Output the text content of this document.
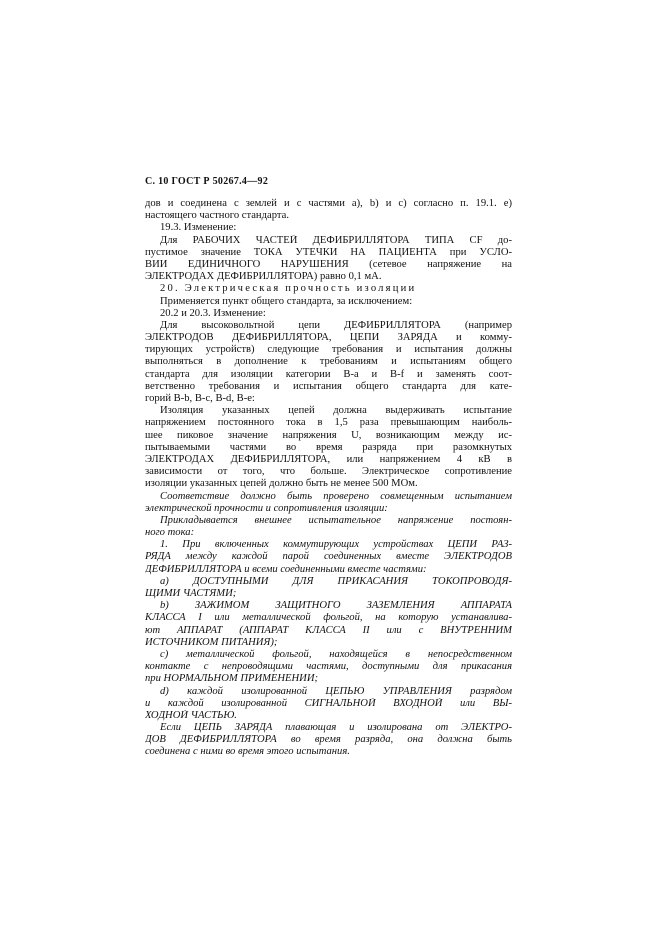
С. 10 ГОСТ Р 50267.4—92
дов и соединена с землей и с частями а), b) и с) согласно п. 19.1. е)
настоящего частного стандарта.
19.3. Изменение:
Для РАБОЧИХ ЧАСТЕЙ ДЕФИБРИЛЛЯТОРА ТИПА CF до-
пустимое значение ТОКА УТЕЧКИ НА ПАЦИЕНТА при УСЛО-
ВИИ ЕДИНИЧНОГО НАРУШЕНИЯ (сетевое напряжение на
ЭЛЕКТРОДАХ ДЕФИБРИЛЛЯТОРА) равно 0,1 мА.
20. Электрическая прочность изоляции
Применяется пункт общего стандарта, за исключением:
20.2 и 20.3. Изменение:
Для высоковольтной цепи ДЕФИБРИЛЛЯТОРА (например
ЭЛЕКТРОДОВ ДЕФИБРИЛЛЯТОРА, ЦЕПИ ЗАРЯДА и комму-
тирующих устройств) следующие требования и испытания должны
выполняться в дополнение к требованиям и испытаниям общего
стандарта для изоляции категории В-а и В-f и заменять соот-
ветственно требования и испытания общего стандарта для кате-
горий В-b, В-с, В-d, В-е:
Изоляция указанных цепей должна выдерживать испытание
напряжением постоянного тока в 1,5 раза превышающим наиболь-
шее пиковое значение напряжения U, возникающим между ис-
пытываемыми частями во время разряда при разомкнутых
ЭЛЕКТРОДАХ ДЕФИБРИЛЛЯТОРА, или напряжением 4 кВ в
зависимости от того, что больше. Электрическое сопротивление
изоляции указанных цепей должно быть не менее 500 МОм.
Соответствие должно быть проверено совмещенным испытанием
электрической прочности и сопротивления изоляции:
Прикладывается внешнее испытательное напряжение постоян-
ного тока:
1. При включенных коммутирующих устройствах ЦЕПИ РАЗ-
РЯДА между каждой парой соединенных вместе ЭЛЕКТРОДОВ
ДЕФИБРИЛЛЯТОРА и всеми соединенными вместе частями:
а) ДОСТУПНЫМИ ДЛЯ ПРИКАСАНИЯ ТОКОПРОВОДЯ-
ЩИМИ ЧАСТЯМИ;
b) ЗАЖИМОМ ЗАЩИТНОГО ЗАЗЕМЛЕНИЯ АППАРАТА
КЛАССА I или металлической фольгой, на которую устанавлива-
ют АППАРАТ (АППАРАТ КЛАССА II или с ВНУТРЕННИМ
ИСТОЧНИКОМ ПИТАНИЯ);
с) металлической фольгой, находящейся в непосредственном
контакте с непроводящими частями, доступными для прикасания
при НОРМАЛЬНОМ ПРИМЕНЕНИИ;
d) каждой изолированной ЦЕПЬЮ УПРАВЛЕНИЯ разрядом
и каждой изолированной СИГНАЛЬНОЙ ВХОДНОЙ или ВЫ-
ХОДНОЙ ЧАСТЬЮ.
Если ЦЕПЬ ЗАРЯДА плавающая и изолирована от ЭЛЕКТРО-
ДОВ ДЕФИБРИЛЛЯТОРА во время разряда, она должна быть
соединена с ними во время этого испытания.
